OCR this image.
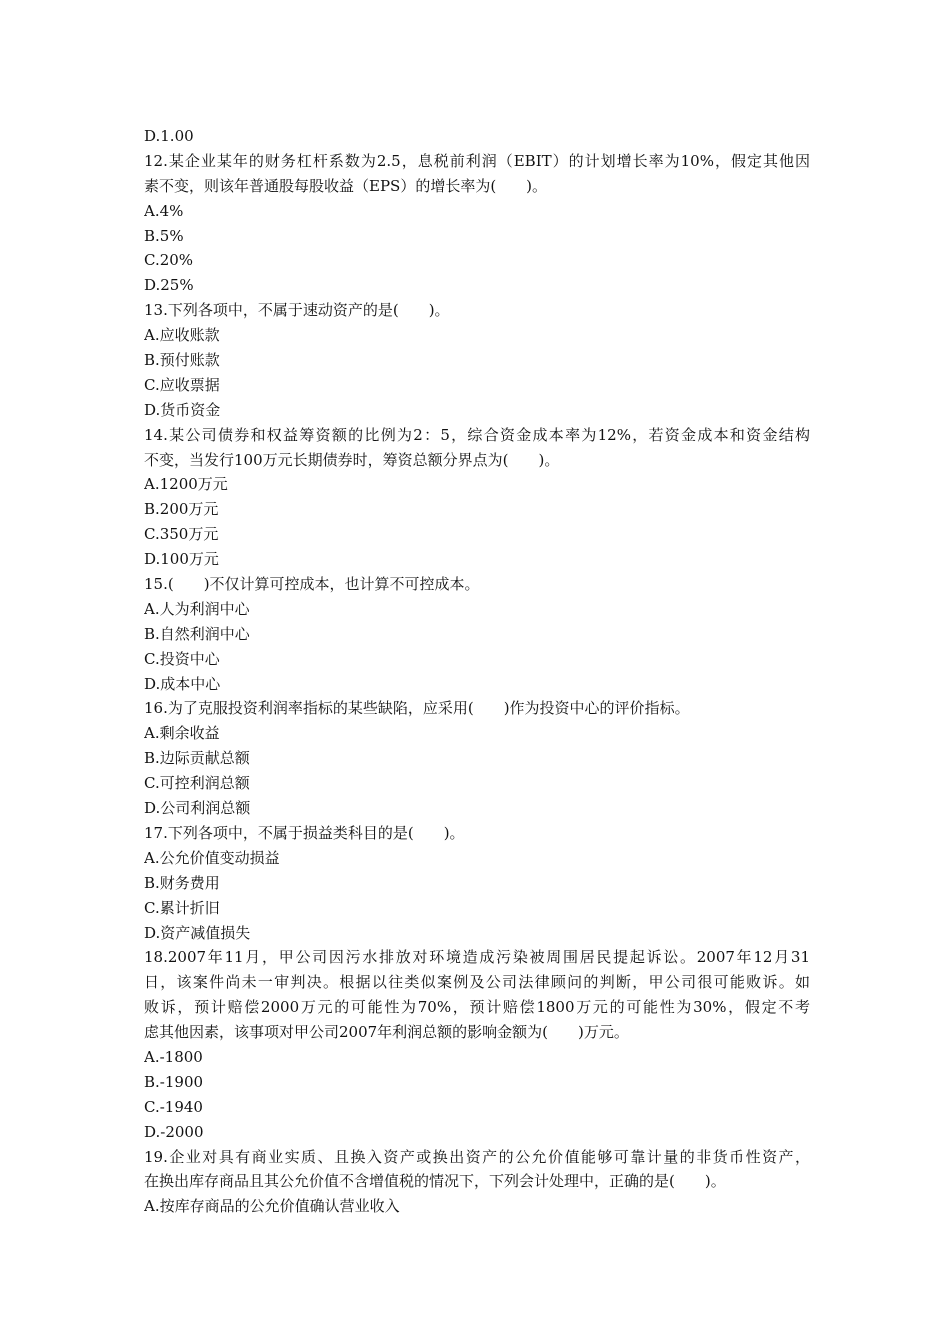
D.1.00
12.某企业某年的财务杠杆系数为2.5，息税前利润（EBIT）的计划增长率为10%，假定其他因
素不变，则该年普通股每股收益（EPS）的增长率为(　　)。
A.4%
B.5%
C.20%
D.25%
13.下列各项中，不属于速动资产的是(　　)。
A.应收账款
B.预付账款
C.应收票据
D.货币资金
14.某公司债券和权益筹资额的比例为2：5，综合资金成本率为12%，若资金成本和资金结构
不变，当发行100万元长期债券时，筹资总额分界点为(　　)。
A.1200万元
B.200万元
C.350万元
D.100万元
15.(　　)不仅计算可控成本，也计算不可控成本。
A.人为利润中心
B.自然利润中心
C.投资中心
D.成本中心
16.为了克服投资利润率指标的某些缺陷，应采用(　　)作为投资中心的评价指标。
A.剩余收益
B.边际贡献总额
C.可控利润总额
D.公司利润总额
17.下列各项中，不属于损益类科目的是(　　)。
A.公允价值变动损益
B.财务费用
C.累计折旧
D.资产减值损失
18.2007年11月，甲公司因污水排放对环境造成污染被周围居民提起诉讼。2007年12月31
日，该案件尚未一审判决。根据以往类似案例及公司法律顾问的判断，甲公司很可能败诉。如
败诉，预计赔偿2000万元的可能性为70%，预计赔偿1800万元的可能性为30%，假定不考
虑其他因素，该事项对甲公司2007年利润总额的影响金额为(　　)万元。
A.-1800
B.-1900
C.-1940
D.-2000
19.企业对具有商业实质、且换入资产或换出资产的公允价值能够可靠计量的非货币性资产，
在换出库存商品且其公允价值不含增值税的情况下，下列会计处理中，正确的是(　　)。
A.按库存商品的公允价值确认营业收入
